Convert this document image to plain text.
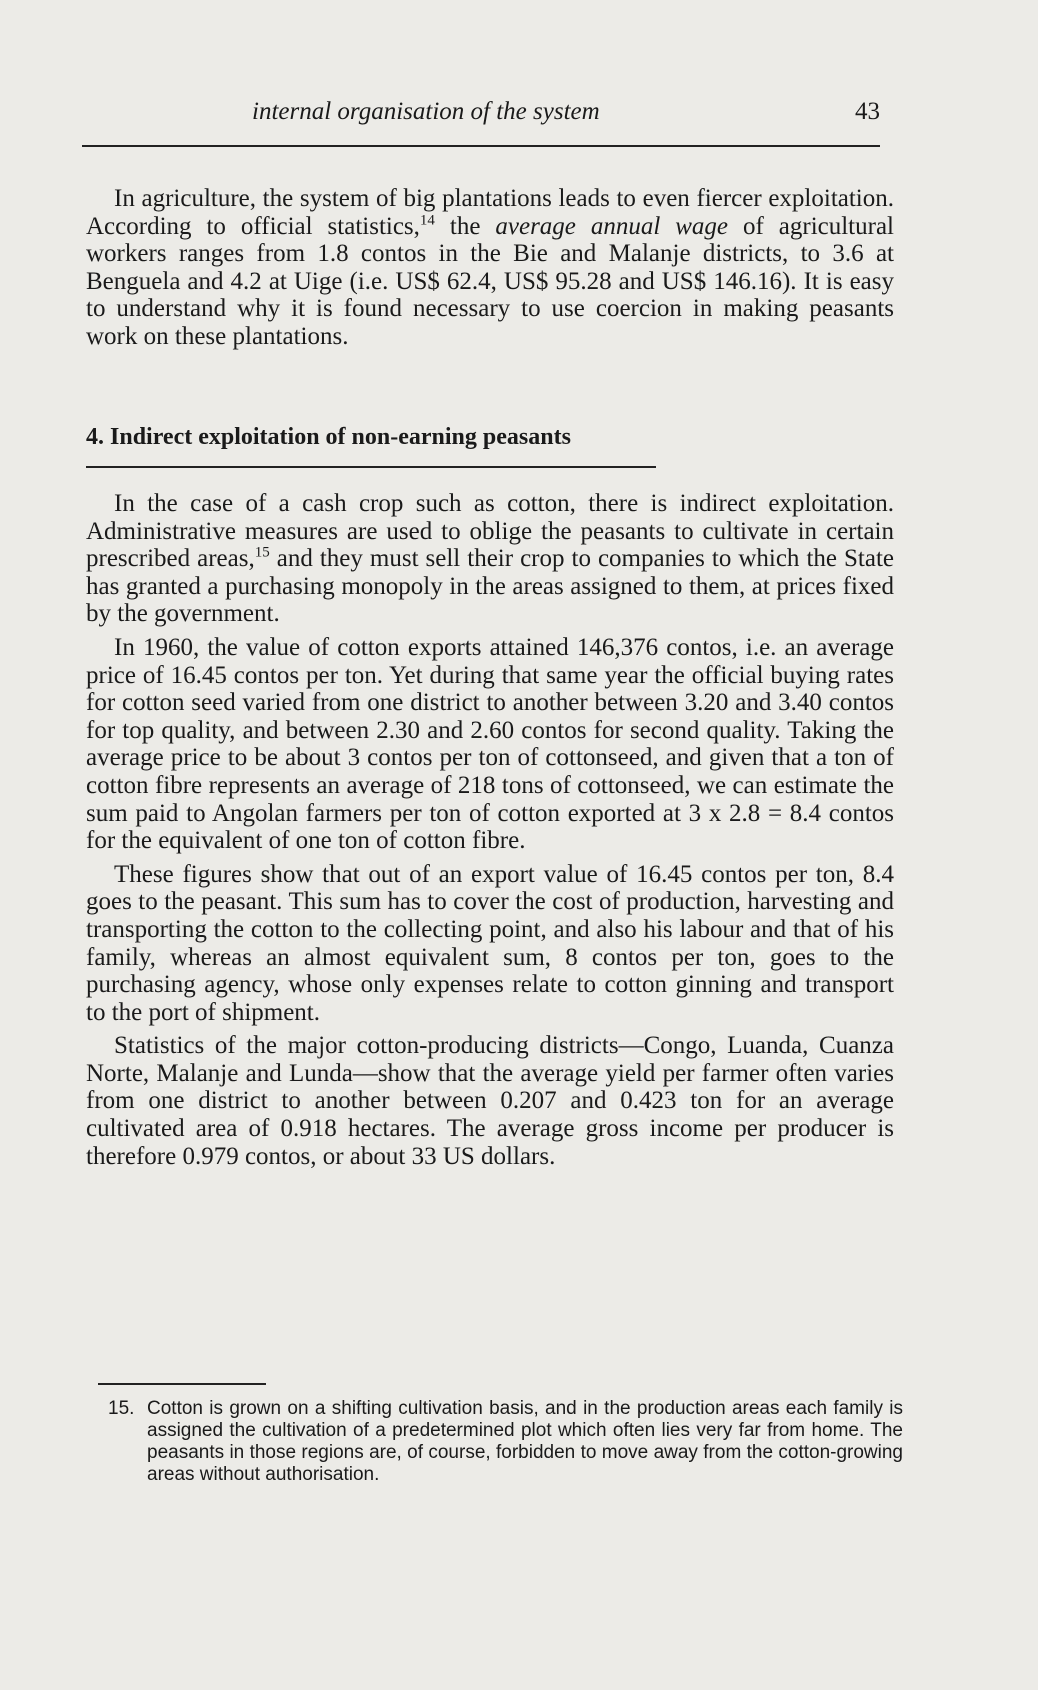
internal organisation of the system	43

In agriculture, the system of big plantations leads to even fiercer exploitation. According to official statistics,$^{14}$ the average annual wage of agricultural workers ranges from 1.8 contos in the Bie and Malanje districts, to 3.6 at Benguela and 4.2 at Uige (i.e. US$ 62.4, US$ 95.28 and US$ 146.16). It is easy to understand why it is found necessary to use coercion in making peasants work on these plantations.

4. Indirect exploitation of non-earning peasants

In the case of a cash crop such as cotton, there is indirect exploitation. Administrative measures are used to oblige the peasants to cultivate in certain prescribed areas,$^{15}$ and they must sell their crop to companies to which the State has granted a purchasing monopoly in the areas assigned to them, at prices fixed by the government.

In 1960, the value of cotton exports attained 146,376 contos, i.e. an average price of 16.45 contos per ton. Yet during that same year the official buying rates for cotton seed varied from one district to another between 3.20 and 3.40 contos for top quality, and between 2.30 and 2.60 contos for second quality. Taking the average price to be about 3 contos per ton of cottonseed, and given that a ton of cotton fibre represents an average of 218 tons of cottonseed, we can estimate the sum paid to Angolan farmers per ton of cotton exported at 3 x 2.8 = 8.4 contos for the equivalent of one ton of cotton fibre.

These figures show that out of an export value of 16.45 contos per ton, 8.4 goes to the peasant. This sum has to cover the cost of production, harvesting and transporting the cotton to the collecting point, and also his labour and that of his family, whereas an almost equivalent sum, 8 contos per ton, goes to the purchasing agency, whose only expenses relate to cotton ginning and transport to the port of shipment.

Statistics of the major cotton-producing districts—Congo, Luanda, Cuanza Norte, Malanje and Lunda—show that the average yield per farmer often varies from one district to another between 0.207 and 0.423 ton for an average cultivated area of 0.918 hectares. The average gross income per producer is therefore 0.979 contos, or about 33 US dollars.

15. Cotton is grown on a shifting cultivation basis, and in the production areas each family is assigned the cultivation of a predetermined plot which often lies very far from home. The peasants in those regions are, of course, forbidden to move away from the cotton-growing areas without authorisation.
